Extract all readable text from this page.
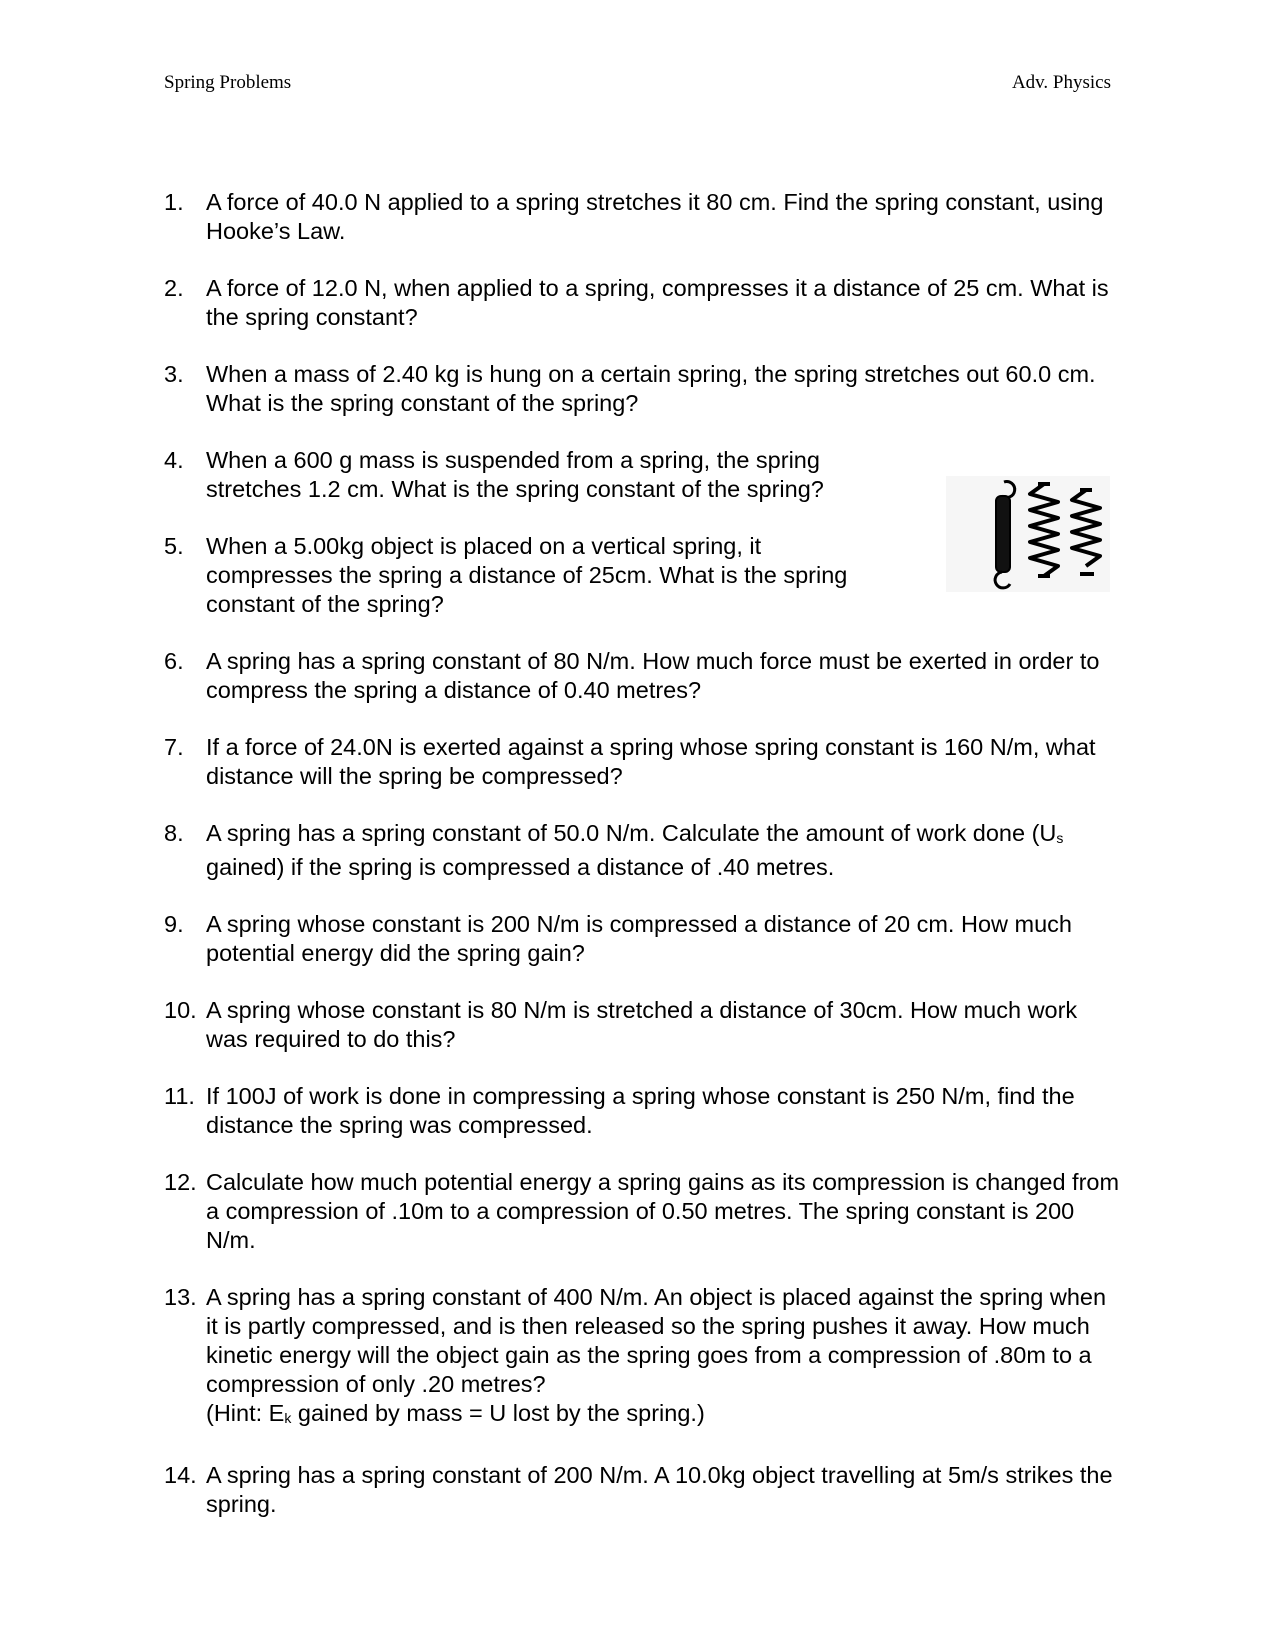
Spring Problems	Adv. Physics
1. A force of 40.0 N applied to a spring stretches it 80 cm. Find the spring constant, using Hooke’s Law.
2. A force of 12.0 N, when applied to a spring, compresses it a distance of 25 cm. What is the spring constant?
3. When a mass of 2.40 kg is hung on a certain spring, the spring stretches out 60.0 cm. What is the spring constant of the spring?
4. When a 600 g mass is suspended from a spring, the spring stretches 1.2 cm. What is the spring constant of the spring?
5. When a 5.00kg object is placed on a vertical spring, it compresses the spring a distance of 25cm. What is the spring constant of the spring?
6. A spring has a spring constant of 80 N/m. How much force must be exerted in order to compress the spring a distance of 0.40 metres?
7. If a force of 24.0N is exerted against a spring whose spring constant is 160 N/m, what distance will the spring be compressed?
8. A spring has a spring constant of 50.0 N/m. Calculate the amount of work done ($U_s$ gained) if the spring is compressed a distance of .40 metres.
9. A spring whose constant is 200 N/m is compressed a distance of 20 cm. How much potential energy did the spring gain?
10. A spring whose constant is 80 N/m is stretched a distance of 30cm. How much work was required to do this?
11. If 100J of work is done in compressing a spring whose constant is 250 N/m, find the distance the spring was compressed.
12. Calculate how much potential energy a spring gains as its compression is changed from a compression of .10m to a compression of 0.50 metres. The spring constant is 200 N/m.
13. A spring has a spring constant of 400 N/m. An object is placed against the spring when it is partly compressed, and is then released so the spring pushes it away. How much kinetic energy will the object gain as the spring goes from a compression of .80m to a compression of only .20 metres?
(Hint: $E_k$ gained by mass = U lost by the spring.)
14. A spring has a spring constant of 200 N/m. A 10.0kg object travelling at 5m/s strikes the spring.
